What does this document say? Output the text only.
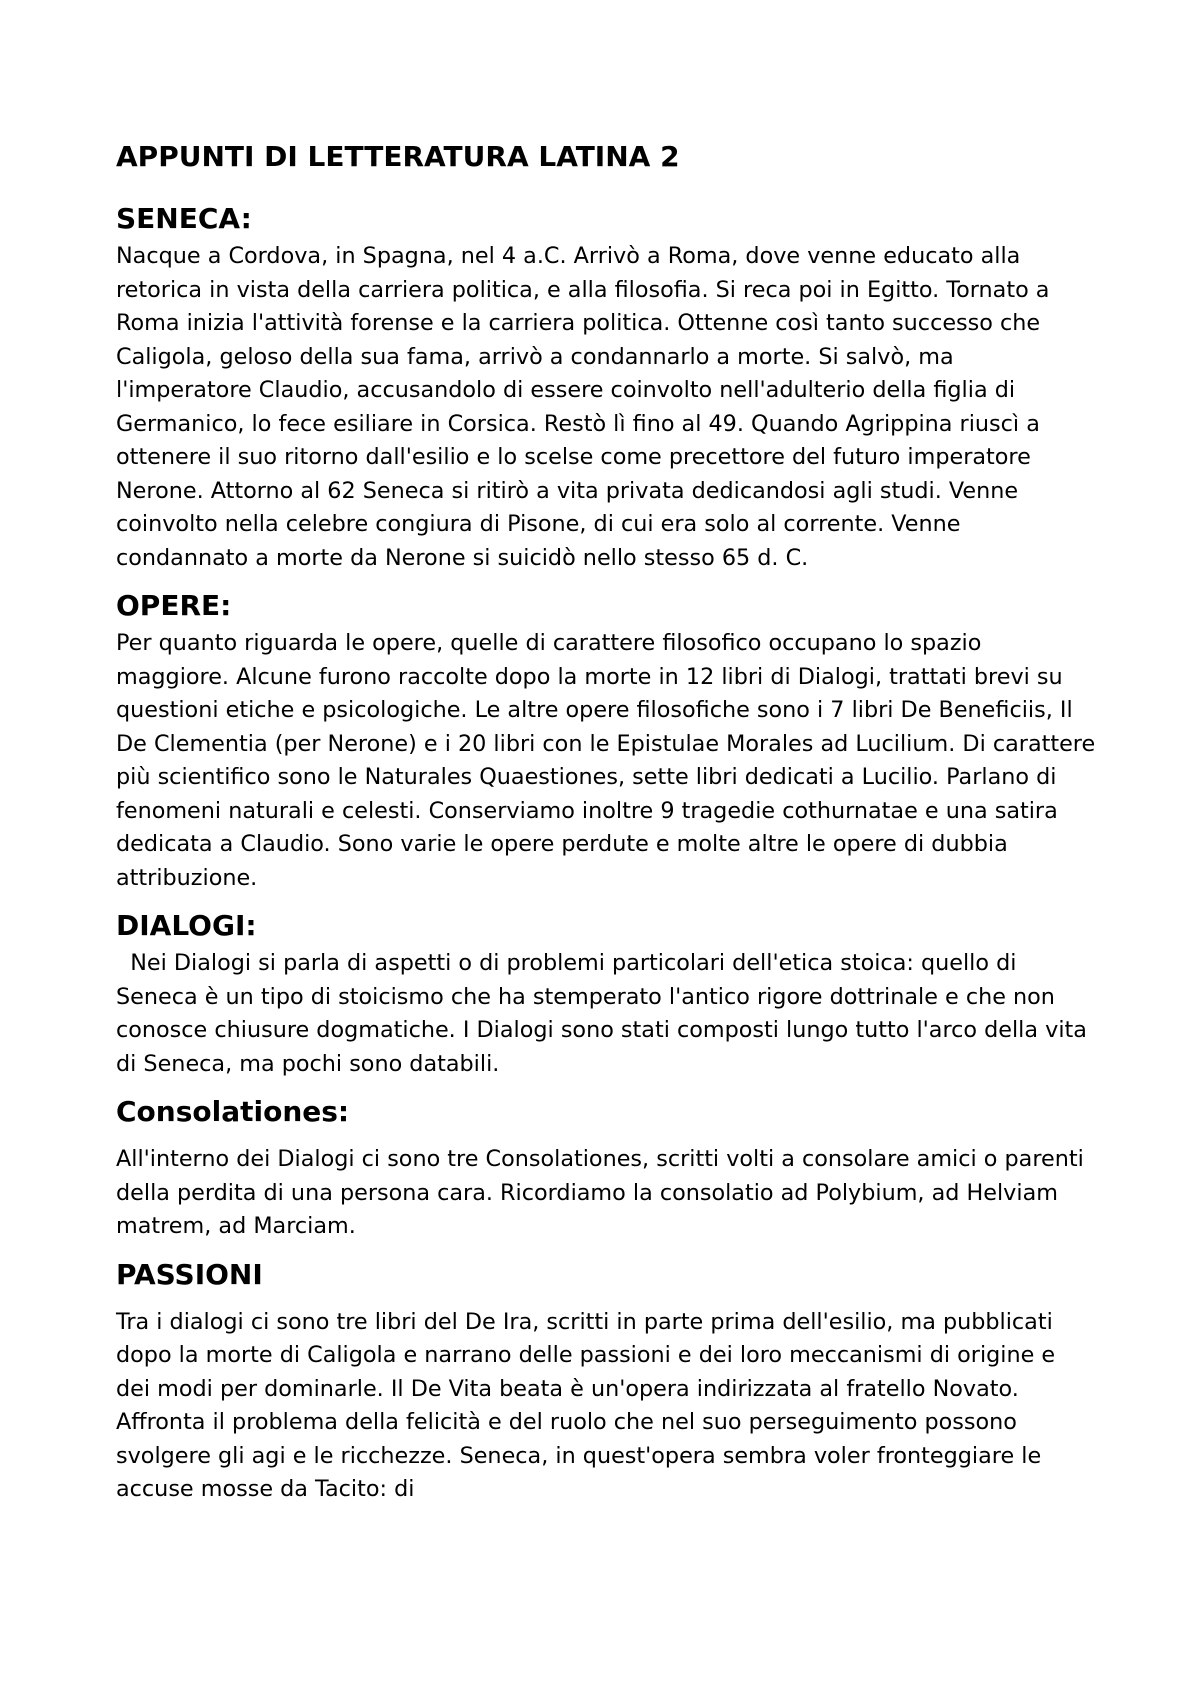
APPUNTI DI LETTERATURA LATINA 2
SENECA:

Nacque a Cordova, in Spagna, nel 4 a.C. Arrivò a Roma, dove venne educato alla retorica in vista della carriera politica, e alla filosofia. Si reca poi in Egitto. Tornato a Roma inizia l'attività forense e la carriera politica. Ottenne così tanto successo che Caligola, geloso della sua fama, arrivò a condannarlo a morte. Si salvò, ma l'imperatore Claudio, accusandolo di essere coinvolto nell'adulterio della figlia di Germanico, lo fece esiliare in Corsica. Restò lì fino al 49. Quando Agrippina riuscì a ottenere il suo ritorno dall'esilio e lo scelse come precettore del futuro imperatore Nerone. Attorno al 62 Seneca si ritirò a vita privata dedicandosi agli studi. Venne coinvolto nella celebre congiura di Pisone, di cui era solo al corrente. Venne condannato a morte da Nerone si suicidò nello stesso 65 d. C.

OPERE:

Per quanto riguarda le opere, quelle di carattere filosofico occupano lo spazio maggiore. Alcune furono raccolte dopo la morte in 12 libri di Dialogi, trattati brevi su questioni etiche e psicologiche. Le altre opere filosofiche sono i 7 libri De Beneficiis, Il De Clementia (per Nerone) e i 20 libri con le Epistulae Morales ad Lucilium. Di carattere più scientifico sono le Naturales Quaestiones, sette libri dedicati a Lucilio. Parlano di fenomeni naturali e celesti. Conserviamo inoltre 9 tragedie cothurnatae e una satira dedicata a Claudio. Sono varie le opere perdute e molte altre le opere di dubbia attribuzione.

DIALOGI:

Nei Dialogi si parla di aspetti o di problemi particolari dell'etica stoica: quello di Seneca è un tipo di stoicismo che ha stemperato l'antico rigore dottrinale e che non conosce chiusure dogmatiche. I Dialogi sono stati composti lungo tutto l'arco della vita di Seneca, ma pochi sono databili.

Consolationes:

All'interno dei Dialogi ci sono tre Consolationes, scritti volti a consolare amici o parenti della perdita di una persona cara. Ricordiamo la consolatio ad Polybium, ad Helviam matrem, ad Marciam.

PASSIONI

Tra i dialogi ci sono tre libri del De Ira, scritti in parte prima dell'esilio, ma pubblicati dopo la morte di Caligola e narrano delle passioni e dei loro meccanismi di origine e dei modi per dominarle. Il De Vita beata è un'opera indirizzata al fratello Novato. Affronta il problema della felicità e del ruolo che nel suo perseguimento possono svolgere gli agi e le ricchezze. Seneca, in quest'opera sembra voler fronteggiare le accuse mosse da Tacito: di
